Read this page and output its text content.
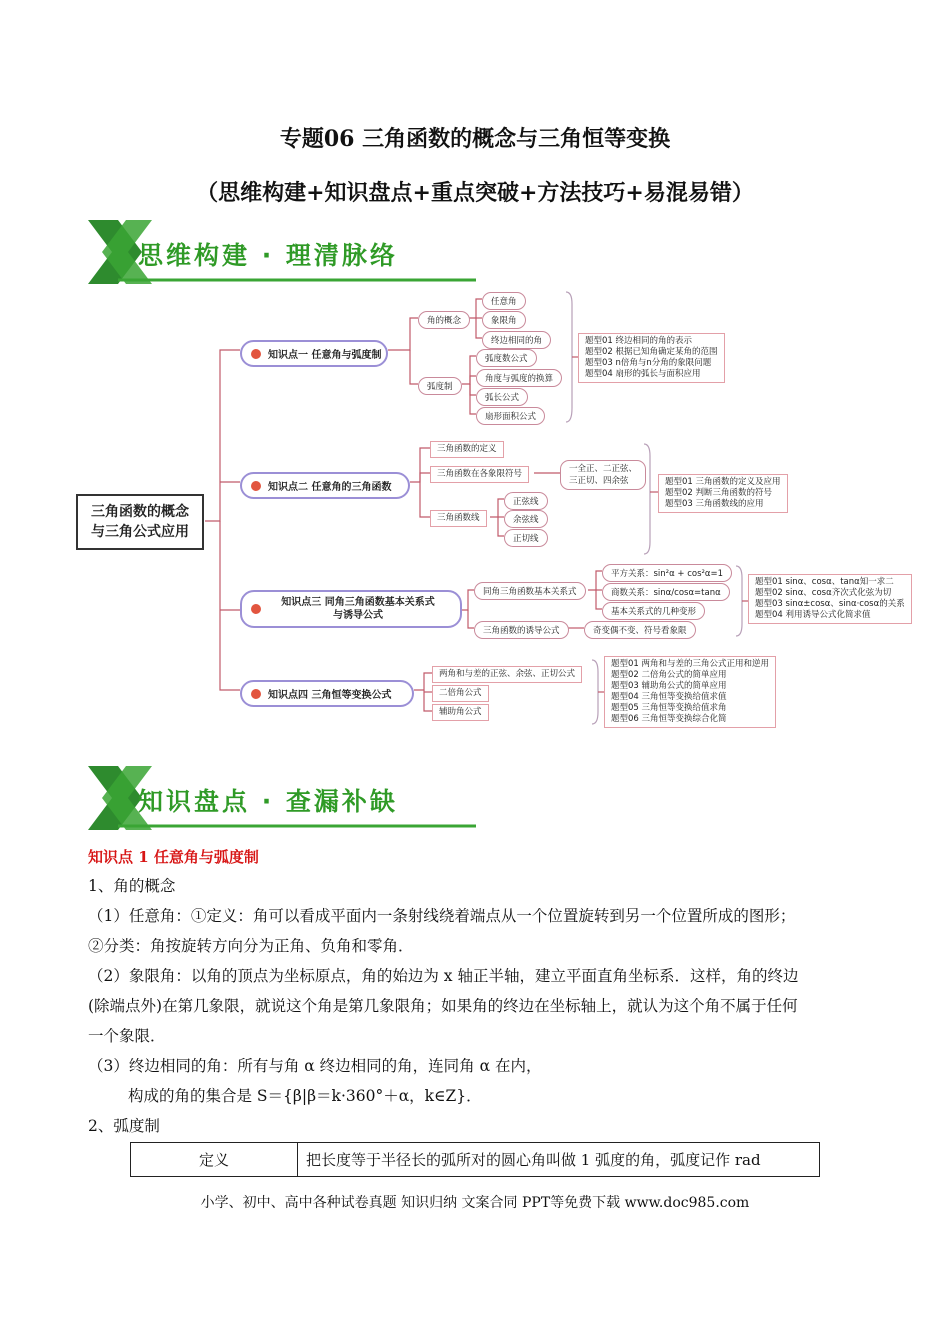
专题06 三角函数的概念与三角恒等变换
（思维构建+知识盘点+重点突破+方法技巧+易混易错）
思维构建 · 理清脉络
三角函数的概念
与三角公式应用
知识点一 任意角与弧度制
角的概念
任意角
象限角
终边相同的角
弧度制
弧度数公式
角度与弧度的换算
弧长公式
扇形面积公式
题型01 终边相同的角的表示
题型02 根据已知角确定某角的范围
题型03 n倍角与n分角的象限问题
题型04 扇形的弧长与面积应用
知识点二 任意角的三角函数
三角函数的定义
三角函数在各象限符号	一全正、二正弦、
三正切、四余弦
三角函数线
正弦线
余弦线
正切线
题型01 三角函数的定义及应用
题型02 判断三角函数的符号
题型03 三角函数线的应用
知识点三 同角三角函数基本关系式
与诱导公式
同角三角函数基本关系式
平方关系：sin²α + cos²α=1
商数关系：sinα/cosα=tanα
基本关系式的几种变形
三角函数的诱导公式	奇变偶不变、符号看象限
题型01 sinα、cosα、tanα知一求二
题型02 sinα、cosα齐次式化弦为切
题型03 sinα±cosα、sinα·cosα的关系
题型04 利用诱导公式化简求值
知识点四 三角恒等变换公式
两角和与差的正弦、余弦、正切公式
二倍角公式
辅助角公式
题型01 两角和与差的三角公式正用和逆用
题型02 二倍角公式的简单应用
题型03 辅助角公式的简单应用
题型04 三角恒等变换给值求值
题型05 三角恒等变换给值求角
题型06 三角恒等变换综合化简
知识盘点 · 查漏补缺
知识点 1 任意角与弧度制
1、角的概念
（1）任意角：①定义：角可以看成平面内一条射线绕着端点从一个位置旋转到另一个位置所成的图形；
②分类：角按旋转方向分为正角、负角和零角．
（2）象限角：以角的顶点为坐标原点，角的始边为 x 轴正半轴，建立平面直角坐标系．这样，角的终边
(除端点外)在第几象限，就说这个角是第几象限角；如果角的终边在坐标轴上，就认为这个角不属于任何
一个象限．
（3）终边相同的角：所有与角 α 终边相同的角，连同角 α 在内，
构成的角的集合是 S＝{β|β＝k·360°＋α，k∈Z}．
2、弧度制
定义	把长度等于半径长的弧所对的圆心角叫做 1 弧度的角，弧度记作 rad
小学、初中、高中各种试卷真题 知识归纳 文案合同 PPT等免费下载 www.doc985.com
